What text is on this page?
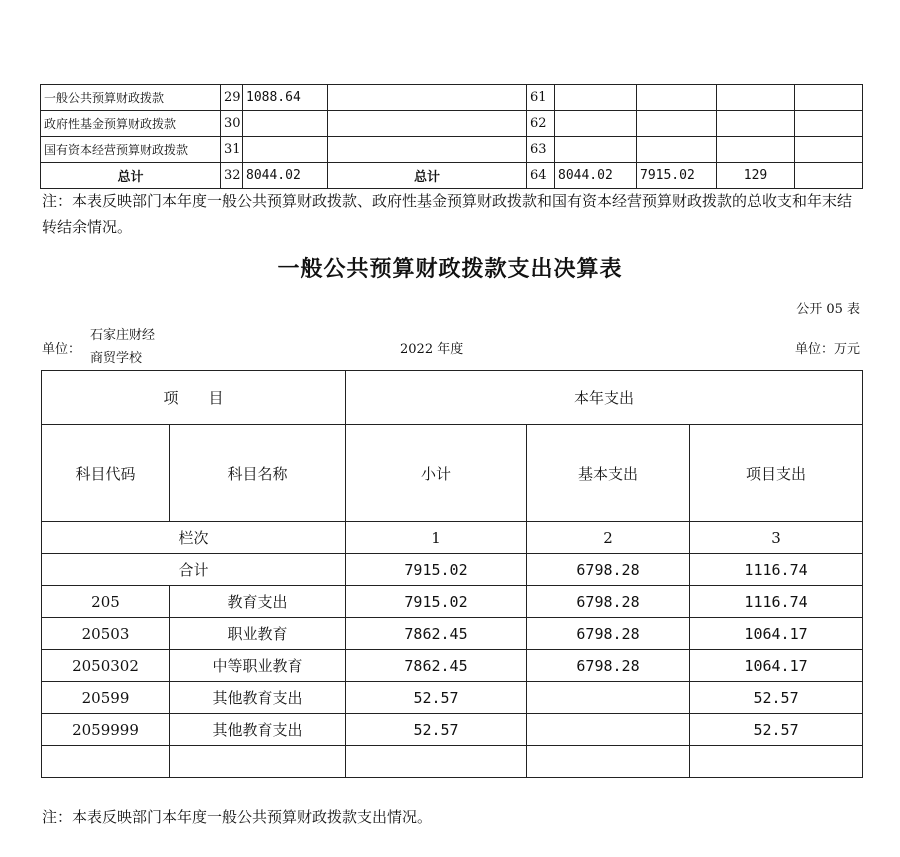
一般公共预算财政拨款	29	1088.64		61				
政府性基金预算财政拨款	30			62				
国有资本经营预算财政拨款	31			63				
总计	32	8044.02	总计	64	8044.02	7915.02	129	
注：本表反映部门本年度一般公共预算财政拨款、政府性基金预算财政拨款和国有资本经营预算财政拨款的总收支和年末结转结余情况。
一般公共预算财政拨款支出决算表
公开 05 表
单位：
石家庄财经
商贸学校
2022 年度	单位：万元
项　　目		本年支出		
科目代码	科目名称	小计	基本支出	项目支出
栏次		1	2	3
合计		7915.02	6798.28	1116.74
205	教育支出	7915.02	6798.28	1116.74
20503	职业教育	7862.45	6798.28	1064.17
2050302	中等职业教育	7862.45	6798.28	1064.17
20599	其他教育支出	52.57		52.57
2059999	其他教育支出	52.57		52.57

注：本表反映部门本年度一般公共预算财政拨款支出情况。
